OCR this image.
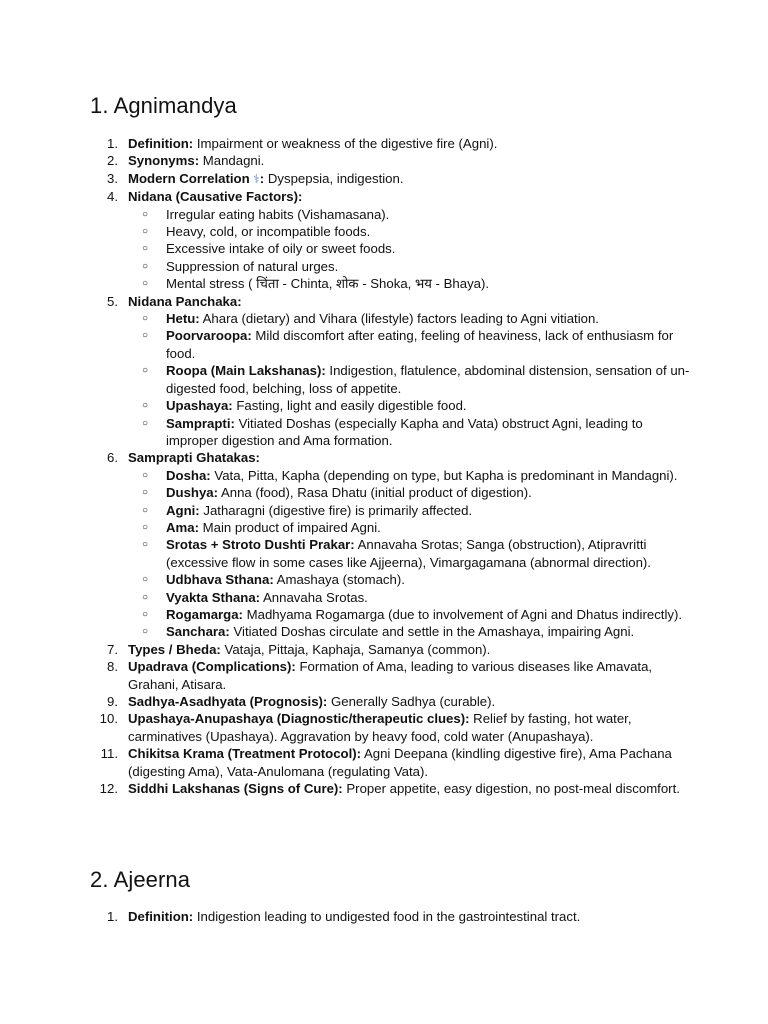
1. Agnimandya
1. Definition: Impairment or weakness of the digestive fire (Agni).
2. Synonyms: Mandagni.
3. Modern Correlation ⚕: Dyspepsia, indigestion.
4. Nidana (Causative Factors):
○ Irregular eating habits (Vishamasana).
○ Heavy, cold, or incompatible foods.
○ Excessive intake of oily or sweet foods.
○ Suppression of natural urges.
○ Mental stress ( चिंता - Chinta, शोक - Shoka, भय - Bhaya).
5. Nidana Panchaka:
○ Hetu: Ahara (dietary) and Vihara (lifestyle) factors leading to Agni vitiation.
○ Poorvaroopa: Mild discomfort after eating, feeling of heaviness, lack of enthusiasm for food.
○ Roopa (Main Lakshanas): Indigestion, flatulence, abdominal distension, sensation of un-digested food, belching, loss of appetite.
○ Upashaya: Fasting, light and easily digestible food.
○ Samprapti: Vitiated Doshas (especially Kapha and Vata) obstruct Agni, leading to improper digestion and Ama formation.
6. Samprapti Ghatakas:
○ Dosha: Vata, Pitta, Kapha (depending on type, but Kapha is predominant in Mandagni).
○ Dushya: Anna (food), Rasa Dhatu (initial product of digestion).
○ Agni: Jatharagni (digestive fire) is primarily affected.
○ Ama: Main product of impaired Agni.
○ Srotas + Stroto Dushti Prakar: Annavaha Srotas; Sanga (obstruction), Atipravritti (excessive flow in some cases like Ajjeerna), Vimargagamana (abnormal direction).
○ Udbhava Sthana: Amashaya (stomach).
○ Vyakta Sthana: Annavaha Srotas.
○ Rogamarga: Madhyama Rogamarga (due to involvement of Agni and Dhatus indirectly).
○ Sanchara: Vitiated Doshas circulate and settle in the Amashaya, impairing Agni.
7. Types / Bheda: Vataja, Pittaja, Kaphaja, Samanya (common).
8. Upadrava (Complications): Formation of Ama, leading to various diseases like Amavata, Grahani, Atisara.
9. Sadhya-Asadhyata (Prognosis): Generally Sadhya (curable).
10. Upashaya-Anupashaya (Diagnostic/therapeutic clues): Relief by fasting, hot water, carminatives (Upashaya). Aggravation by heavy food, cold water (Anupashaya).
11. Chikitsa Krama (Treatment Protocol): Agni Deepana (kindling digestive fire), Ama Pachana (digesting Ama), Vata-Anulomana (regulating Vata).
12. Siddhi Lakshanas (Signs of Cure): Proper appetite, easy digestion, no post-meal discomfort.
2. Ajeerna
1. Definition: Indigestion leading to undigested food in the gastrointestinal tract.
